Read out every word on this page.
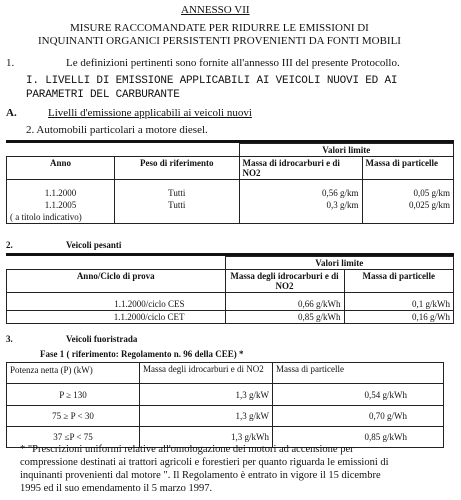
ANNESSO VII
MISURE RACCOMANDATE PER RIDURRE LE EMISSIONI DI
INQUINANTI ORGANICI PERSISTENTI PROVENIENTI DA FONTI MOBILI
1.	Le definizioni pertinenti sono fornite all'annesso III del presente Protocollo.
I. LIVELLI DI EMISSIONE APPLICABILI AI VEICOLI NUOVI ED AI
PARAMETRI DEL CARBURANTE
A.	Livelli d'emissione applicabili ai veicoli nuovi
2. Automobili particolari a motore diesel.
		Valori limite	
Anno	Peso di riferimento	Massa di idrocarburi e di NO2	Massa di particelle
1.1.2000	Tutti	0,56 g/km	0,05 g/km
1.1.2005	Tutti	0,3 g/km	0,025 g/km
( a titolo indicativo)			
2.	Veicoli pesanti
	Valori limite	
Anno/Ciclo di prova	Massa degli idrocarburi e di NO2	Massa di particelle
1.1.2000/ciclo CES	0,66 g/kWh	0,1 g/kWh
1.1.2000/ciclo CET	0,85 g/kWh	0,16 g/Wh
3.	Veicoli fuoristrada
Fase 1 ( riferimento: Regolamento n. 96 della CEE) *
Potenza netta (P) (kW)	Massa degli idrocarburi e di NO2	Massa di particelle
P ≥ 130	1,3 g/kW	0,54 g/kWh
75 ≥ P < 30	1,3 g/kW	0,70 g/Wh
37 ≤P < 75	1,3 g/kWh	0,85 g/kWh
* "Prescrizioni uniformi relative all'omologazione dei motori ad accensione per
compressione destinati ai trattori agricoli e forestieri per quanto riguarda le emissioni di
inquinanti provenienti dal motore ". Il Regolamento è entrato in vigore il 15 dicembre
1995 ed il suo emendamento il 5 marzo 1997.
